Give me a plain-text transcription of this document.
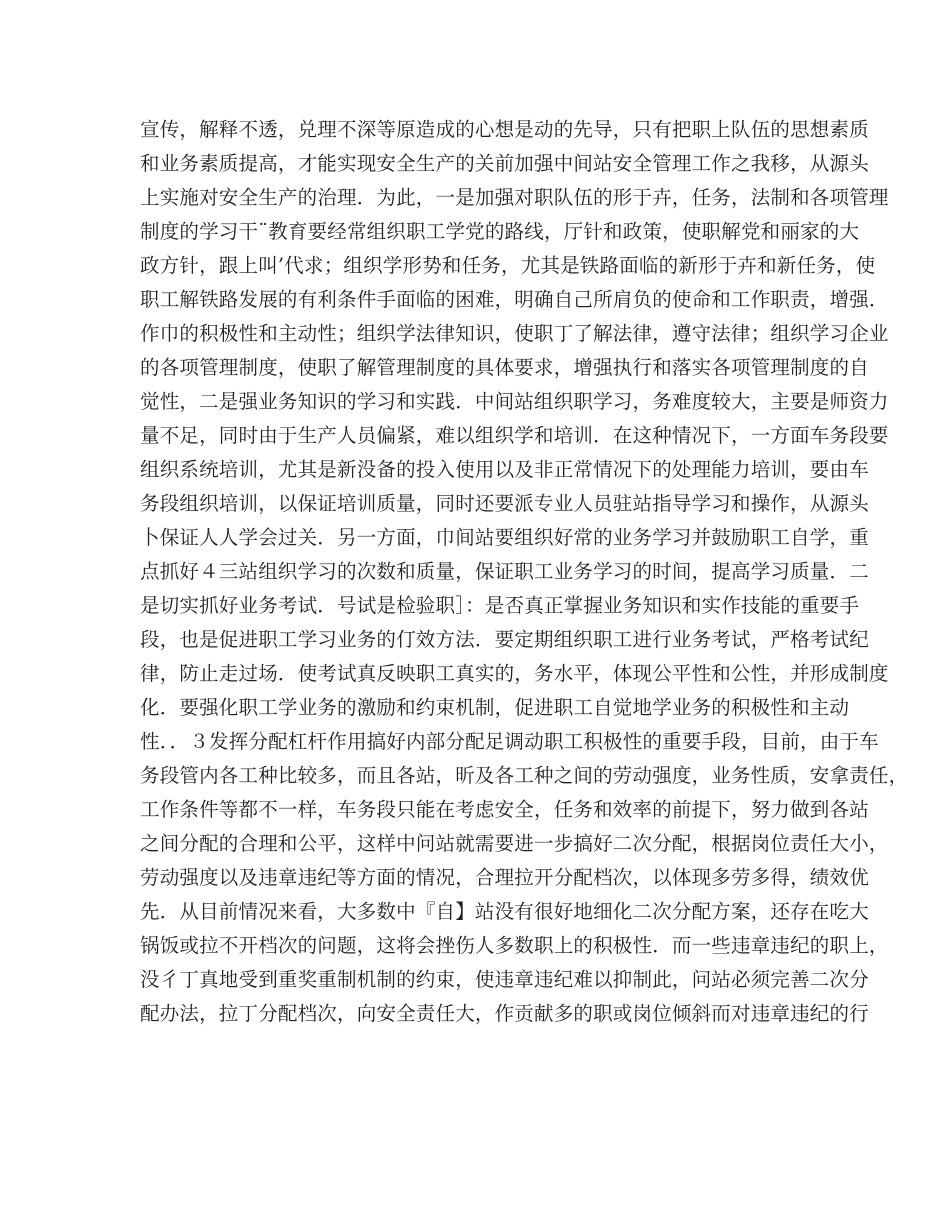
宣传，解释不透，兑理不深等原造成的心想是动的先导，只有把职上队伍的思想素质
和业务素质提高，才能实现安全生产的关前加强中间站安全管理工作之我移，从源头
上实施对安全生产的治理．为此，一是加强对职队伍的形于卉，任务，法制和各项管理
制度的学习干¨教育要经常组织职工学党的路线，厅针和政策，使职解党和丽家的大
政方针，跟上叫’代求；组织学形势和任务，尤其是铁路面临的新形于卉和新任务，使
职工解铁路发展的有利条件手面临的困难，明确自己所肩负的使命和工作职责，增强．
作巾的积极性和主动性；组织学法律知识，使职丁了解法律，遵守法律；组织学习企业
的各项管理制度，使职了解管理制度的具体要求，增强执行和落实各项管理制度的自
觉性，二是强业务知识的学习和实践．中间站组织职学习，务难度较大，主要是师资力
量不足，同时由于生产人员偏紧，难以组织学和培训．在这种情况下，一方面车务段要
组织系统培训，尤其是新没备的投入使用以及非正常情况下的处理能力培训，要由车
务段组织培训，以保证培训质量，同时还要派专业人员驻站指导学习和操作，从源头
卜保证人人学会过关．另一方面，巾间站要组织好常的业务学习并鼓励职工自学，重
点抓好４三站组织学习的次数和质量，保证职工业务学习的时间，提高学习质量．二
是切实抓好业务考试．号试是检验职］：是否真正掌握业务知识和实作技能的重要手
段，也是促进职工学习业务的仃效方法．要定期组织职工进行业务考试，严格考试纪
律，防止走过场．使考试真反映职工真实的，务水平，体现公平性和公性，并形成制度
化．要强化职工学业务的激励和约束机制，促进职工自觉地学业务的积极性和主动
性．．３发挥分配杠杆作用搞好内部分配足调动职工积极性的重要手段，目前，由于车
务段管内各工种比较多，而且各站，昕及各工种之间的劳动强度，业务性质，安拿责任，
工作条件等都不一样，车务段只能在考虑安全，任务和效率的前提下，努力做到各站
之间分配的合理和公平，这样中问站就需要进一步搞好二次分配，根据岗位责任大小，
劳动强度以及违章违纪等方面的情况，合理拉开分配档次，以体现多劳多得，绩效优
先．从目前情况来看，大多数中『自】站没有很好地细化二次分配方案，还存在吃大
锅饭或拉不开档次的问题，这将会挫伤人多数职上的积极性．而一些违章违纪的职上，
没彳丁真地受到重奖重制机制的约束，使违章违纪难以抑制此，问站必须完善二次分
配办法，拉丁分配档次，向安全责任大，作贡献多的职或岗位倾斜而对违章违纪的行
